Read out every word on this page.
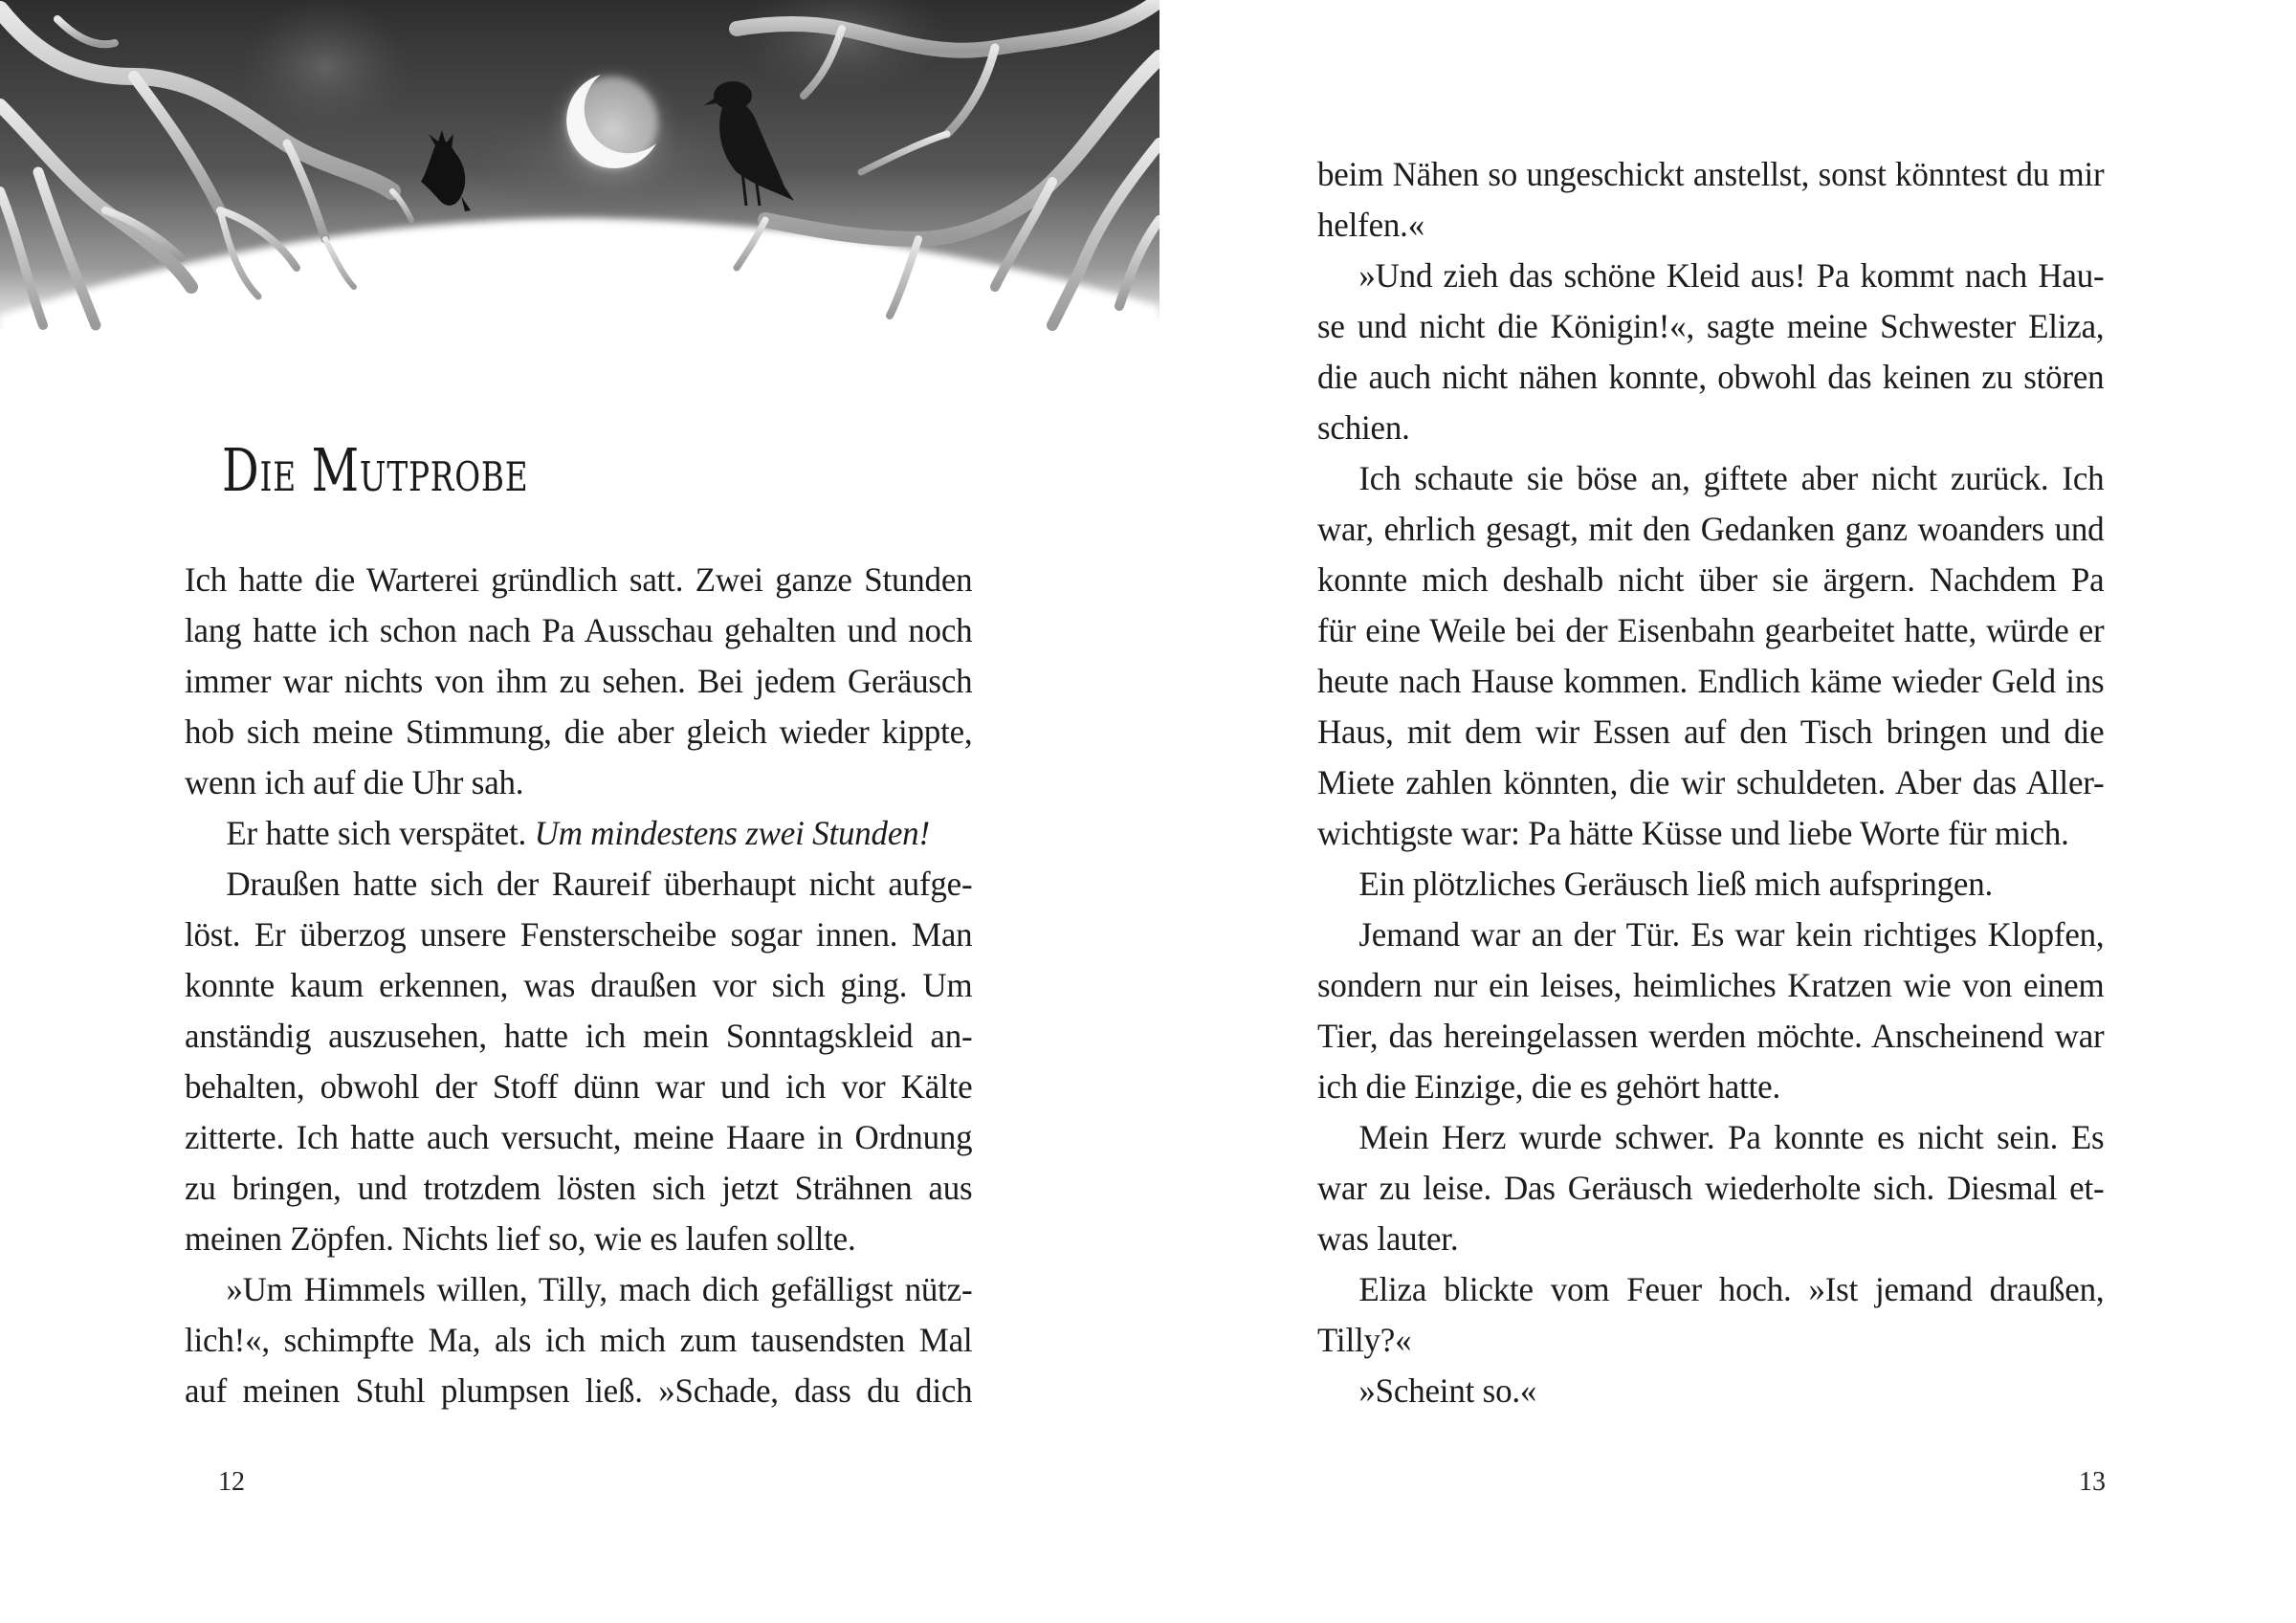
Die Mutprobe
Ich hatte die Warterei gründlich satt. Zwei ganze Stunden
lang hatte ich schon nach Pa Ausschau gehalten und noch
immer war nichts von ihm zu sehen. Bei jedem Geräusch
hob sich meine Stimmung, die aber gleich wieder kippte,
wenn ich auf die Uhr sah.
Er hatte sich verspätet. Um mindestens zwei Stunden!
Draußen hatte sich der Raureif überhaupt nicht aufge-
löst. Er überzog unsere Fensterscheibe sogar innen. Man
konnte kaum erkennen, was draußen vor sich ging. Um
anständig auszusehen, hatte ich mein Sonntagskleid an-
behalten, obwohl der Stoff dünn war und ich vor Kälte
zitterte. Ich hatte auch versucht, meine Haare in Ordnung
zu bringen, und trotzdem lösten sich jetzt Strähnen aus
meinen Zöpfen. Nichts lief so, wie es laufen sollte.
»Um Himmels willen, Tilly, mach dich gefälligst nütz-
lich!«, schimpfte Ma, als ich mich zum tausendsten Mal
auf meinen Stuhl plumpsen ließ. »Schade, dass du dich
12
beim Nähen so ungeschickt anstellst, sonst könntest du mir
helfen.«
»Und zieh das schöne Kleid aus! Pa kommt nach Hau-
se und nicht die Königin!«, sagte meine Schwester Eliza,
die auch nicht nähen konnte, obwohl das keinen zu stören
schien.
Ich schaute sie böse an, giftete aber nicht zurück. Ich
war, ehrlich gesagt, mit den Gedanken ganz woanders und
konnte mich deshalb nicht über sie ärgern. Nachdem Pa
für eine Weile bei der Eisenbahn gearbeitet hatte, würde er
heute nach Hause kommen. Endlich käme wieder Geld ins
Haus, mit dem wir Essen auf den Tisch bringen und die
Miete zahlen könnten, die wir schuldeten. Aber das Aller-
wichtigste war: Pa hätte Küsse und liebe Worte für mich.
Ein plötzliches Geräusch ließ mich aufspringen.
Jemand war an der Tür. Es war kein richtiges Klopfen,
sondern nur ein leises, heimliches Kratzen wie von einem
Tier, das hereingelassen werden möchte. Anscheinend war
ich die Einzige, die es gehört hatte.
Mein Herz wurde schwer. Pa konnte es nicht sein. Es
war zu leise. Das Geräusch wiederholte sich. Diesmal et-
was lauter.
Eliza blickte vom Feuer hoch. »Ist jemand draußen,
Tilly?«
»Scheint so.«
13
